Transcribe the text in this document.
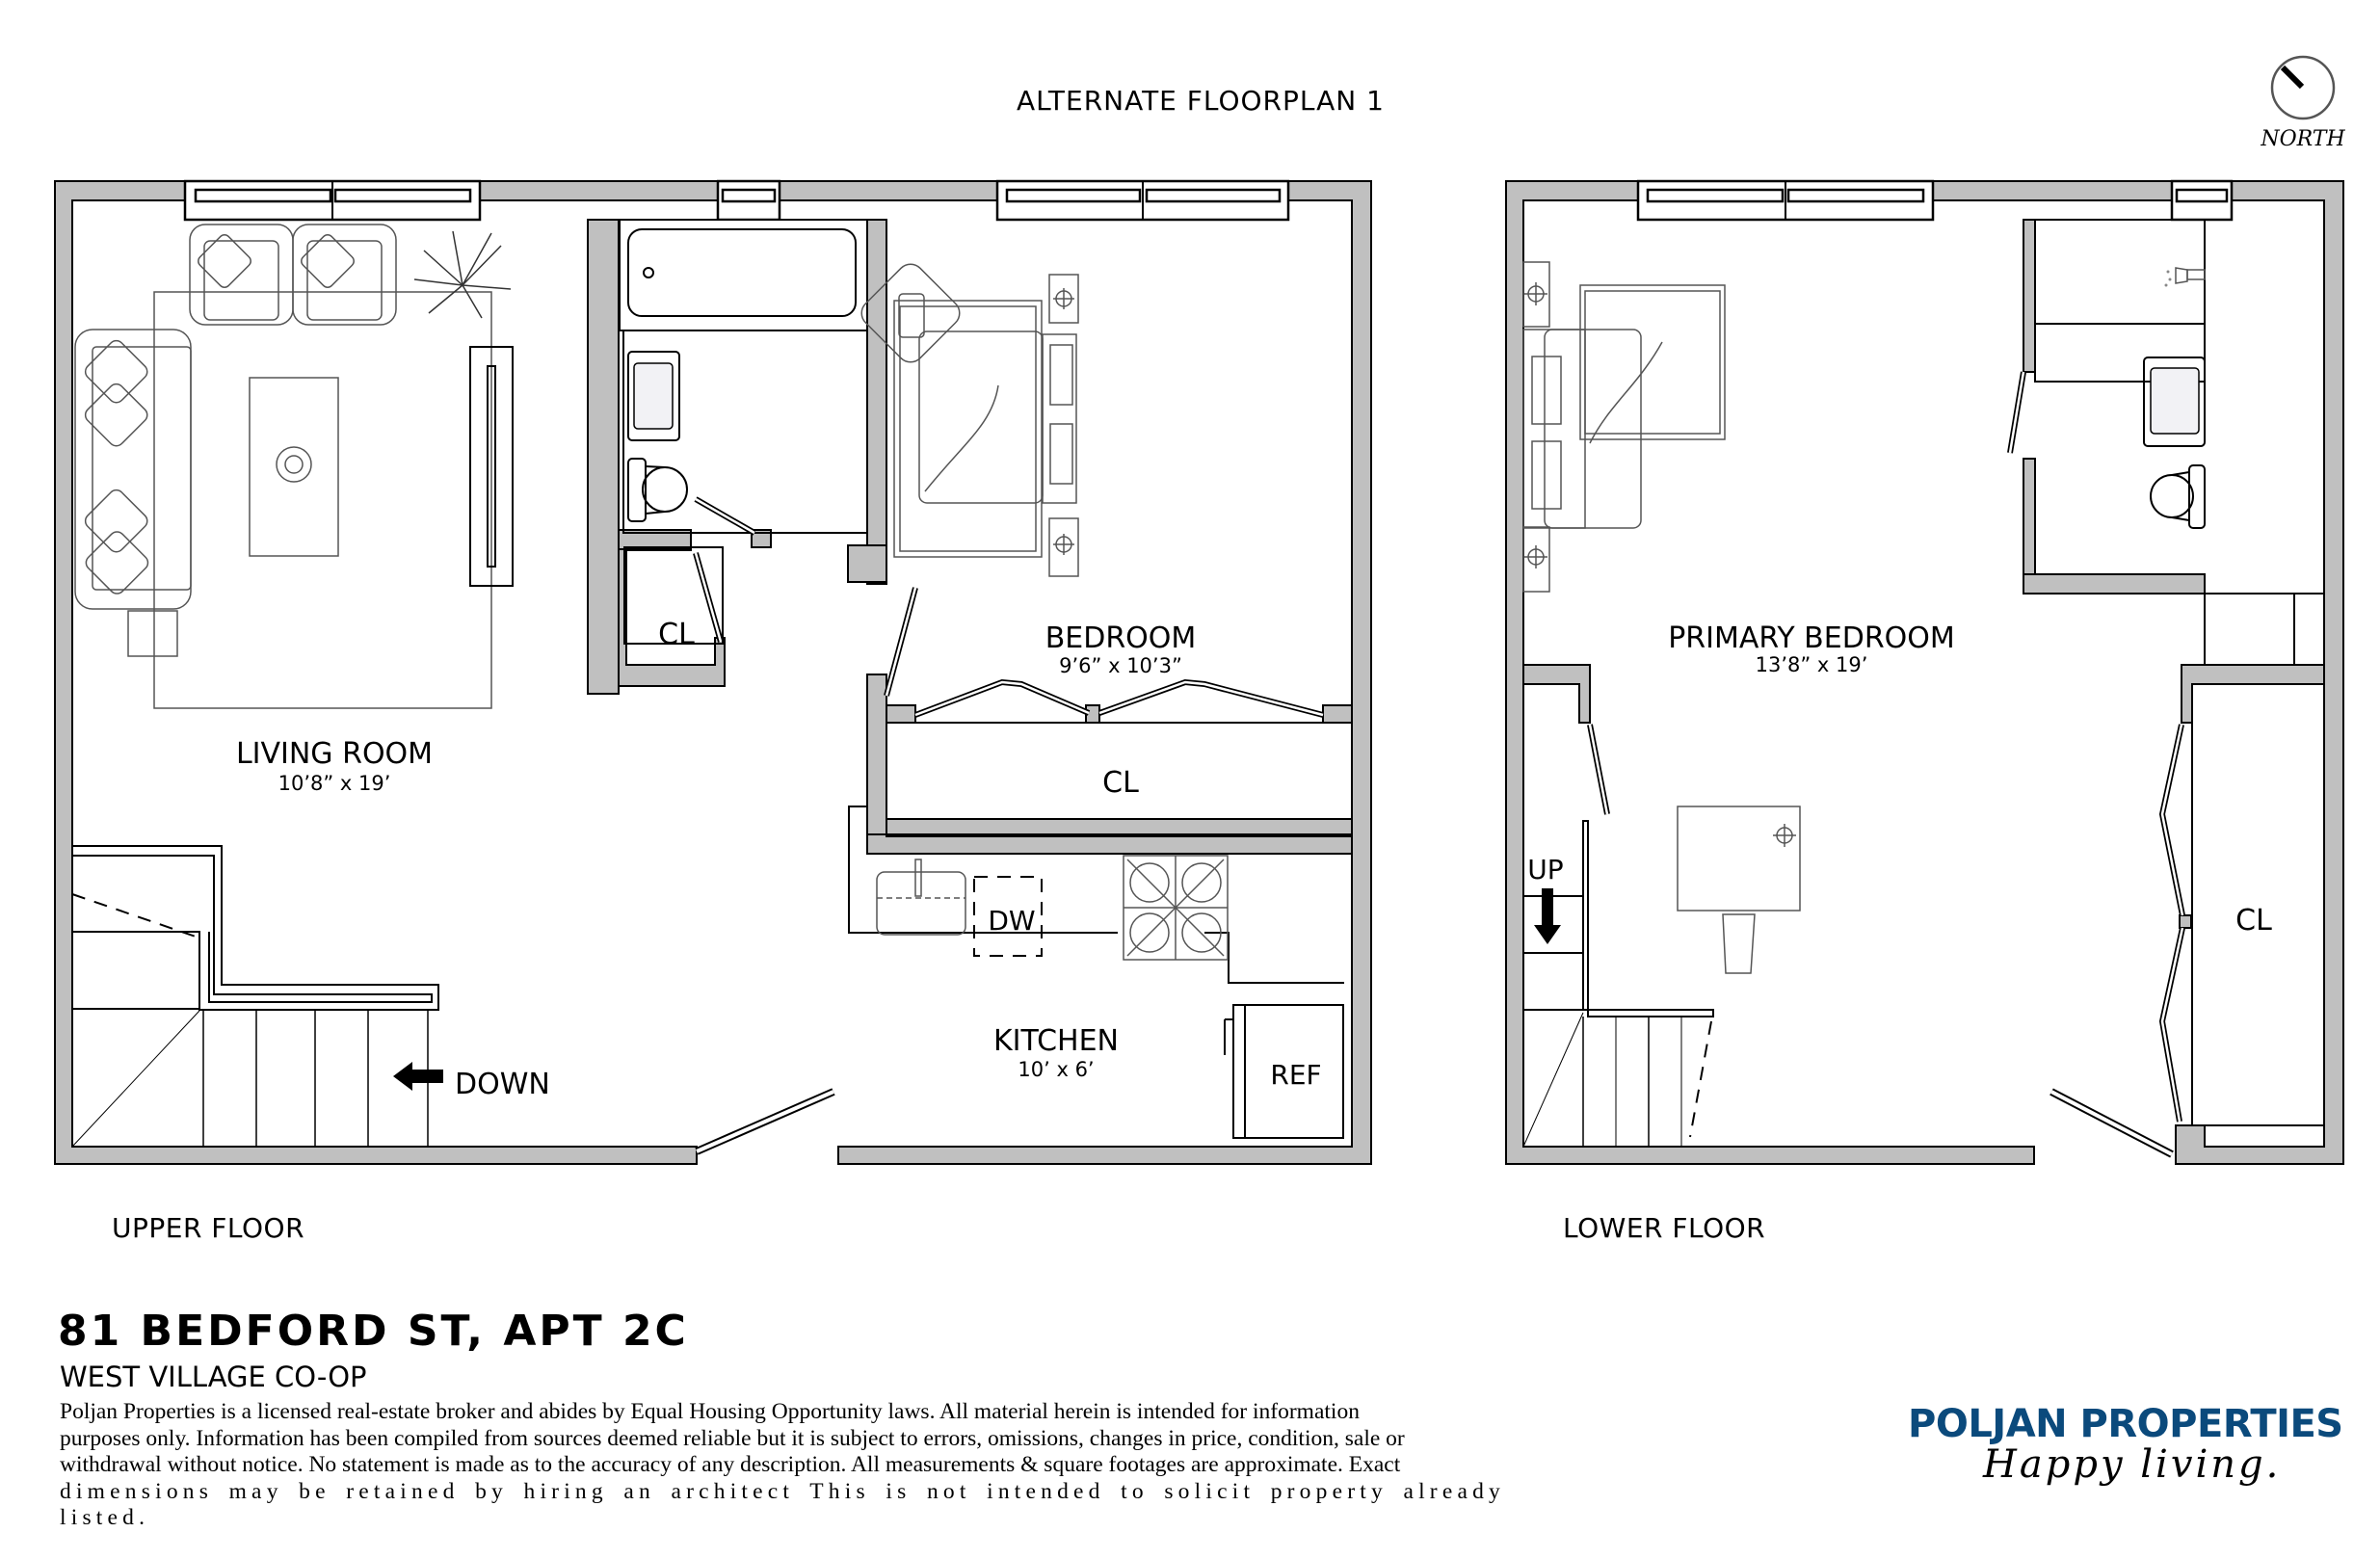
ALTERNATE FLOORPLAN 1
NORTH
CL	BEDROOM
9’6” x 10’3”
CL
DW
REF
KITCHEN
10’ x 6’
LIVING ROOM
10’8” x 19’
DOWN
PRIMARY BEDROOM
13’8” x 19’
CL
UP
UPPER FLOOR	LOWER FLOOR
81 BEDFORD ST, APT 2C
WEST VILLAGE CO-OP
Poljan Properties is a licensed real-estate broker and abides by Equal Housing Opportunity laws. All material herein is intended for information
purposes only. Information has been compiled from sources deemed reliable but it is subject to errors, omissions, changes in price, condition, sale or
withdrawal without notice. No statement is made as to the accuracy of any description. All measurements & square footages are approximate. Exact
dimensions may be retained by hiring an architect This is not intended to solicit property already listed.
POLJAN PROPERTIES
Happy living.
